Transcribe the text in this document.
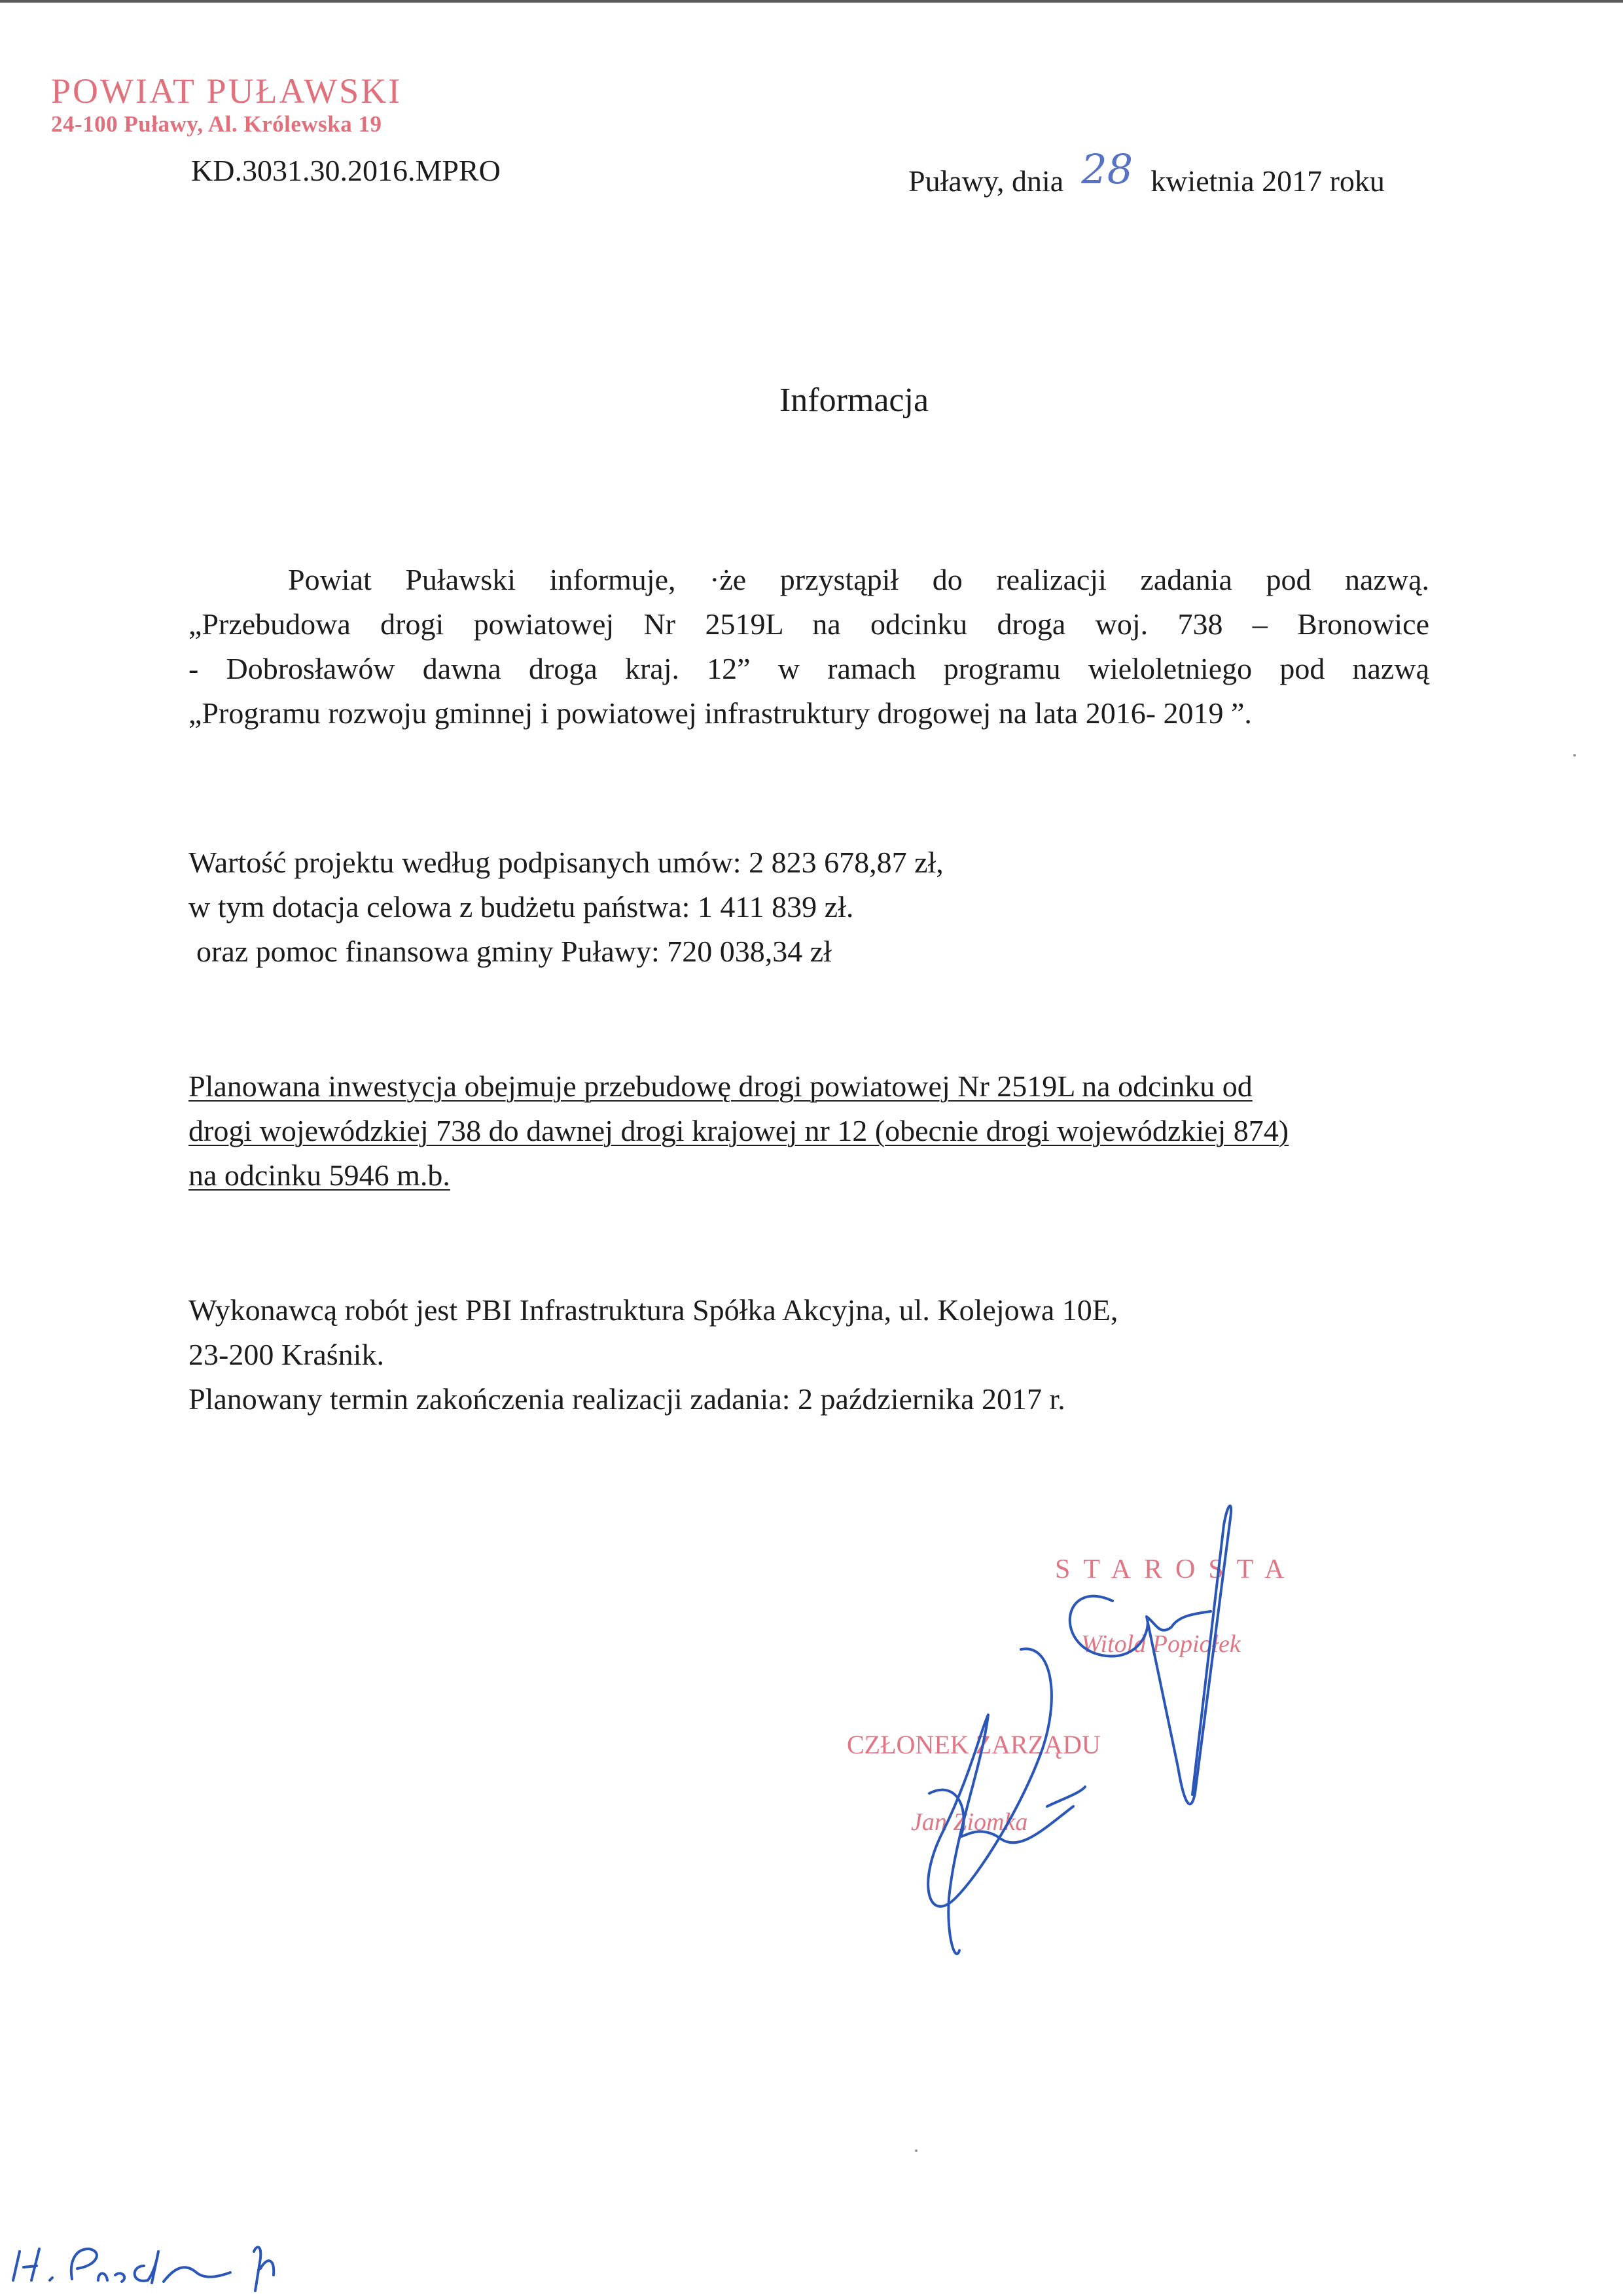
POWIAT PUŁAWSKI
24-100 Puławy, Al. Królewska 19
KD.3031.30.2016.MPRO	Puławy, dnia 28 kwietnia 2017 roku
Informacja
Powiat Puławski informuje, ·że przystąpił do realizacji zadania pod nazwą.
„Przebudowa drogi powiatowej Nr 2519L na odcinku droga woj. 738 – Bronowice
- Dobrosławów dawna droga kraj. 12” w ramach programu wieloletniego pod nazwą
„Programu rozwoju gminnej i powiatowej infrastruktury drogowej na lata 2016- 2019 ”.
Wartość projektu według podpisanych umów: 2 823 678,87 zł,
w tym dotacja celowa z budżetu państwa: 1 411 839 zł.
oraz pomoc finansowa gminy Puławy: 720 038,34 zł
Planowana inwestycja obejmuje przebudowę drogi powiatowej Nr 2519L na odcinku od
drogi wojewódzkiej 738 do dawnej drogi krajowej nr 12 (obecnie drogi wojewódzkiej 874)
na odcinku 5946 m.b.
Wykonawcą robót jest PBI Infrastruktura Spółka Akcyjna, ul. Kolejowa 10E,
23-200 Kraśnik.
Planowany termin zakończenia realizacji zadania: 2 października 2017 r.
STAROSTA
Witold Popiołek
CZŁONEK ZARZĄDU
Jan Ziomka
